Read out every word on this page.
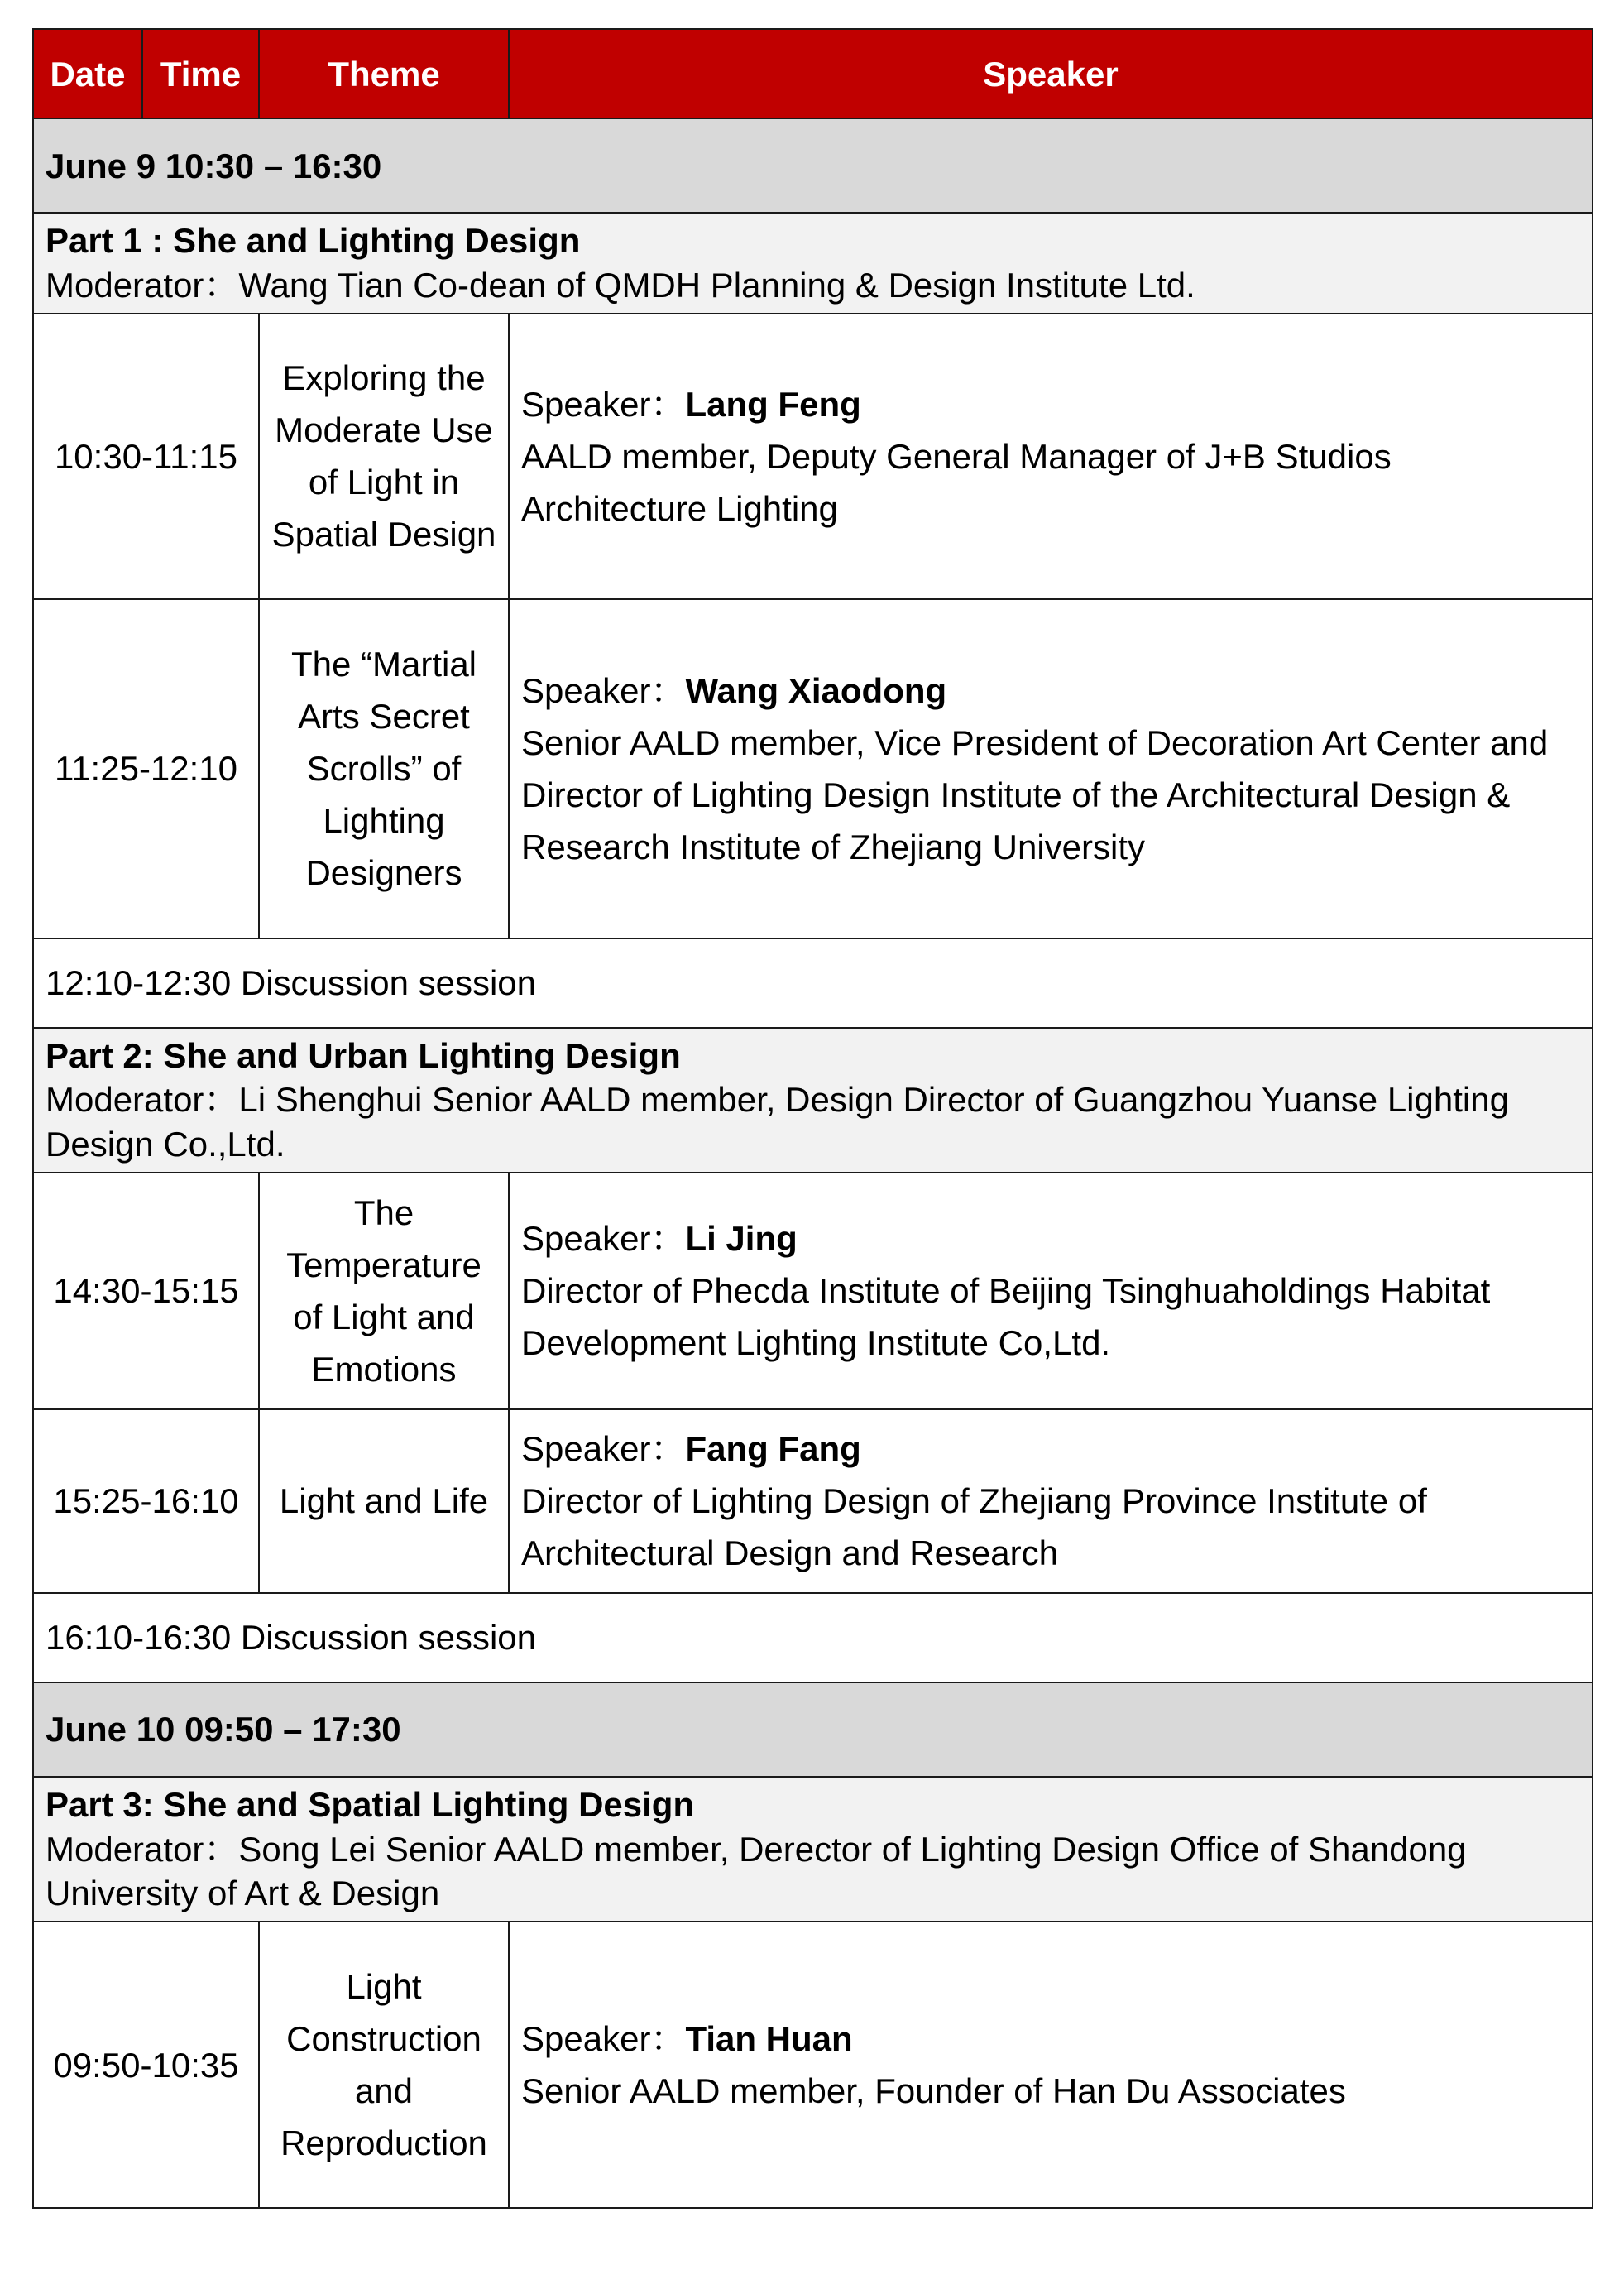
Date	Time	Theme	Speaker
June 9 10:30 – 16:30			

Part 1 : She and Lighting Design
Moderator：Wang Tian Co-dean of QMDH Planning & Design Institute Ltd.			

10:30-11:15		Exploring the Moderate Use of Light in Spatial Design	Speaker：Lang Feng
AALD member, Deputy General Manager of J+B Studios Architecture Lighting

11:25-12:10		The “Martial Arts Secret Scrolls” of Lighting Designers	Speaker：Wang Xiaodong
Senior AALD member, Vice President of Decoration Art Center and Director of Lighting Design Institute of the Architectural Design & Research Institute of Zhejiang University

12:10-12:30 Discussion session			

Part 2: She and Urban Lighting Design
Moderator：Li Shenghui Senior AALD member, Design Director of Guangzhou Yuanse Lighting Design Co.,Ltd.			

14:30-15:15		The Temperature of Light and Emotions	Speaker：Li Jing
Director of Phecda Institute of Beijing Tsinghuaholdings Habitat Development Lighting Institute Co,Ltd.

15:25-16:10		Light and Life	Speaker：Fang Fang
Director of Lighting Design of Zhejiang Province Institute of Architectural Design and Research

16:10-16:30 Discussion session			
June 10 09:50 – 17:30			

Part 3: She and Spatial Lighting Design
Moderator：Song Lei Senior AALD member, Derector of Lighting Design Office of Shandong University of Art & Design			

09:50-10:35		Light Construction and Reproduction	Speaker：Tian Huan
Senior AALD member, Founder of Han Du Associates
